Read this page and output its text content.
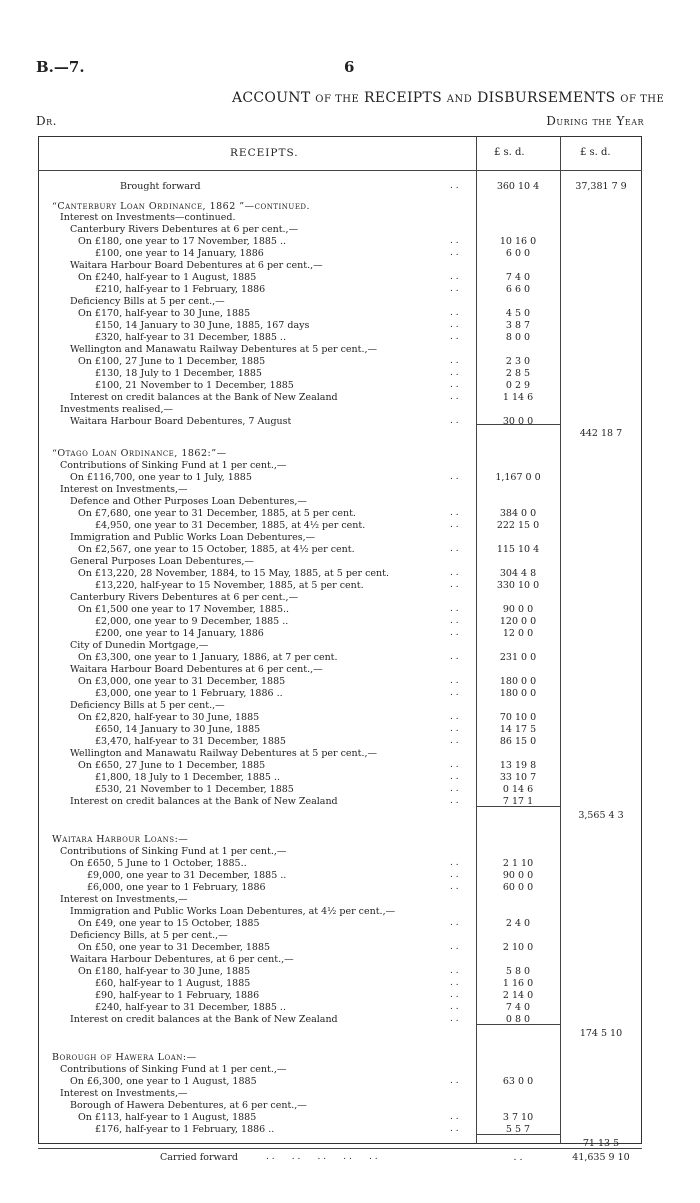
B.—7.	6
ACCOUNT OF THE RECEIPTS AND DISBURSEMENTS OF THE
Dr.	During the Year
RECEIPTS.	£ s. d.	£ s. d.
Brought forward	. .	360 10 4	37,381 7 9
“Canterbury Loan Ordinance, 1862 ”—continued.
Interest on Investments—continued.
Canterbury Rivers Debentures at 6 per cent.,—
On £180, one year to 17 November, 1885 ..	. .	10 16 0
£100, one year to 14 January, 1886	. .	6 0 0
Waitara Harbour Board Debentures at 6 per cent.,—
On £240, half-year to 1 August, 1885	. .	7 4 0
£210, half-year to 1 February, 1886	. .	6 6 0
Deficiency Bills at 5 per cent.,—
On £170, half-year to 30 June, 1885	. .	4 5 0
£150, 14 January to 30 June, 1885, 167 days	. .	3 8 7
£320, half-year to 31 December, 1885 ..	. .	8 0 0
Wellington and Manawatu Railway Debentures at 5 per cent.,—
On £100, 27 June to 1 December, 1885	. .	2 3 0
£130, 18 July to 1 December, 1885	. .	2 8 5
£100, 21 November to 1 December, 1885	. .	0 2 9
Interest on credit balances at the Bank of New Zealand	. .	1 14 6
Investments realised,—
Waitara Harbour Board Debentures, 7 August	. .	30 0 0
442 18 7
“Otago Loan Ordinance, 1862:”—
Contributions of Sinking Fund at 1 per cent.,—
On £116,700, one year to 1 July, 1885	. .	1,167 0 0
Interest on Investments,—
Defence and Other Purposes Loan Debentures,—
On £7,680, one year to 31 December, 1885, at 5 per cent.	. .	384 0 0
£4,950, one year to 31 December, 1885, at 4½ per cent.	. .	222 15 0
Immigration and Public Works Loan Debentures,—
On £2,567, one year to 15 October, 1885, at 4½ per cent.	. .	115 10 4
General Purposes Loan Debentures,—
On £13,220, 28 November, 1884, to 15 May, 1885, at 5 per cent.	. .	304 4 8
£13,220, half-year to 15 November, 1885, at 5 per cent.	. .	330 10 0
Canterbury Rivers Debentures at 6 per cent.,—
On £1,500 one year to 17 November, 1885..	. .	90 0 0
£2,000, one year to 9 December, 1885 ..	. .	120 0 0
£200, one year to 14 January, 1886	. .	12 0 0
City of Dunedin Mortgage,—
On £3,300, one year to 1 January, 1886, at 7 per cent.	. .	231 0 0
Waitara Harbour Board Debentures at 6 per cent.,—
On £3,000, one year to 31 December, 1885	. .	180 0 0
£3,000, one year to 1 February, 1886 ..	. .	180 0 0
Deficiency Bills at 5 per cent.,—
On £2,820, half-year to 30 June, 1885	. .	70 10 0
£650, 14 January to 30 June, 1885	. .	14 17 5
£3,470, half-year to 31 December, 1885	. .	86 15 0
Wellington and Manawatu Railway Debentures at 5 per cent.,—
On £650, 27 June to 1 December, 1885	. .	13 19 8
£1,800, 18 July to 1 December, 1885 ..	. .	33 10 7
£530, 21 November to 1 December, 1885	. .	0 14 6
Interest on credit balances at the Bank of New Zealand	. .	7 17 1
3,565 4 3
Waitara Harbour Loans:—
Contributions of Sinking Fund at 1 per cent.,—
On £650, 5 June to 1 October, 1885..	. .	2 1 10
£9,000, one year to 31 December, 1885 ..	. .	90 0 0
£6,000, one year to 1 February, 1886	. .	60 0 0
Interest on Investments,—
Immigration and Public Works Loan Debentures, at 4½ per cent.,—
On £49, one year to 15 October, 1885	. .	2 4 0
Deficiency Bills, at 5 per cent.,—
On £50, one year to 31 December, 1885	. .	2 10 0
Waitara Harbour Debentures, at 6 per cent.,—
On £180, half-year to 30 June, 1885	. .	5 8 0
£60, half-year to 1 August, 1885	. .	1 16 0
£90, half-year to 1 February, 1886	. .	2 14 0
£240, half-year to 31 December, 1885 ..	. .	7 4 0
Interest on credit balances at the Bank of New Zealand	. .	0 8 0
174 5 10
Borough of Hawera Loan:—
Contributions of Sinking Fund at 1 per cent.,—
On £6,300, one year to 1 August, 1885	. .	63 0 0
Interest on Investments,—
Borough of Hawera Debentures, at 6 per cent.,—
On £113, half-year to 1 August, 1885	. .	3 7 10
£176, half-year to 1 February, 1886 ..	. .	5 5 7
71 13 5
Carried forward	. .      . .      . .      . .      . .	. .	41,635 9 10
